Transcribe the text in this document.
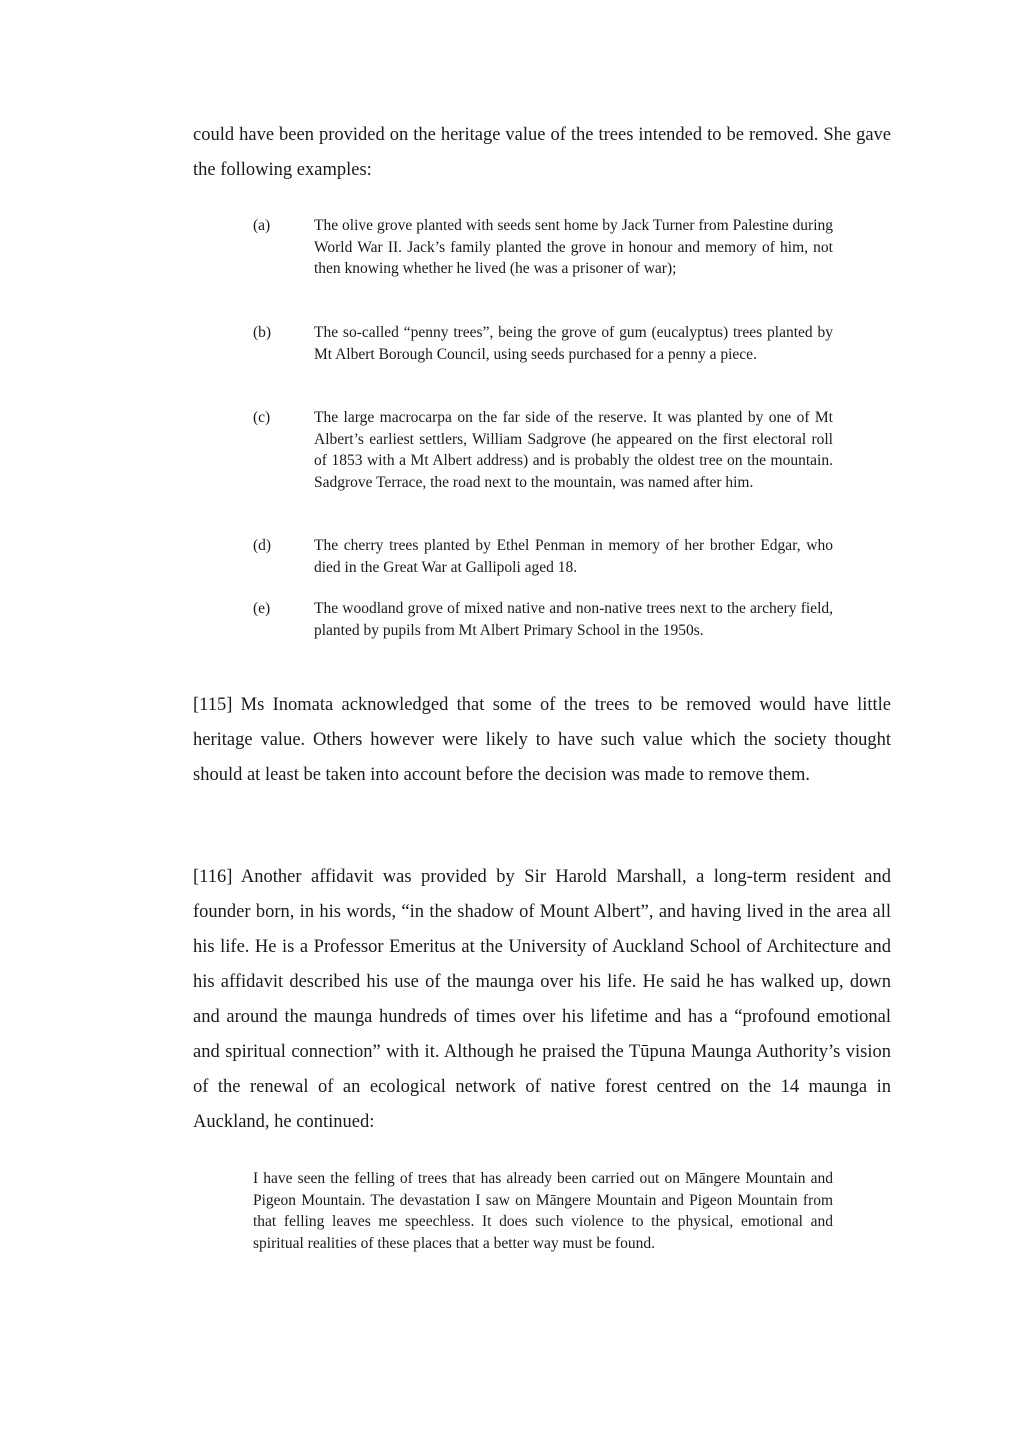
could have been provided on the heritage value of the trees intended to be removed. She gave the following examples:

(a)	The olive grove planted with seeds sent home by Jack Turner from Palestine during World War II. Jack’s family planted the grove in honour and memory of him, not then knowing whether he lived (he was a prisoner of war);
(b)	The so-called “penny trees”, being the grove of gum (eucalyptus) trees planted by Mt Albert Borough Council, using seeds purchased for a penny a piece.
(c)	The large macrocarpa on the far side of the reserve. It was planted by one of Mt Albert’s earliest settlers, William Sadgrove (he appeared on the first electoral roll of 1853 with a Mt Albert address) and is probably the oldest tree on the mountain. Sadgrove Terrace, the road next to the mountain, was named after him.
(d)	The cherry trees planted by Ethel Penman in memory of her brother Edgar, who died in the Great War at Gallipoli aged 18.
(e)	The woodland grove of mixed native and non-native trees next to the archery field, planted by pupils from Mt Albert Primary School in the 1950s.

[115] Ms Inomata acknowledged that some of the trees to be removed would have little heritage value. Others however were likely to have such value which the society thought should at least be taken into account before the decision was made to remove them.

[116] Another affidavit was provided by Sir Harold Marshall, a long-term resident and founder born, in his words, “in the shadow of Mount Albert”, and having lived in the area all his life. He is a Professor Emeritus at the University of Auckland School of Architecture and his affidavit described his use of the maunga over his life. He said he has walked up, down and around the maunga hundreds of times over his lifetime and has a “profound emotional and spiritual connection” with it. Although he praised the Tūpuna Maunga Authority’s vision of the renewal of an ecological network of native forest centred on the 14 maunga in Auckland, he continued:

I have seen the felling of trees that has already been carried out on Māngere Mountain and Pigeon Mountain. The devastation I saw on Māngere Mountain and Pigeon Mountain from that felling leaves me speechless. It does such violence to the physical, emotional and spiritual realities of these places that a better way must be found.
